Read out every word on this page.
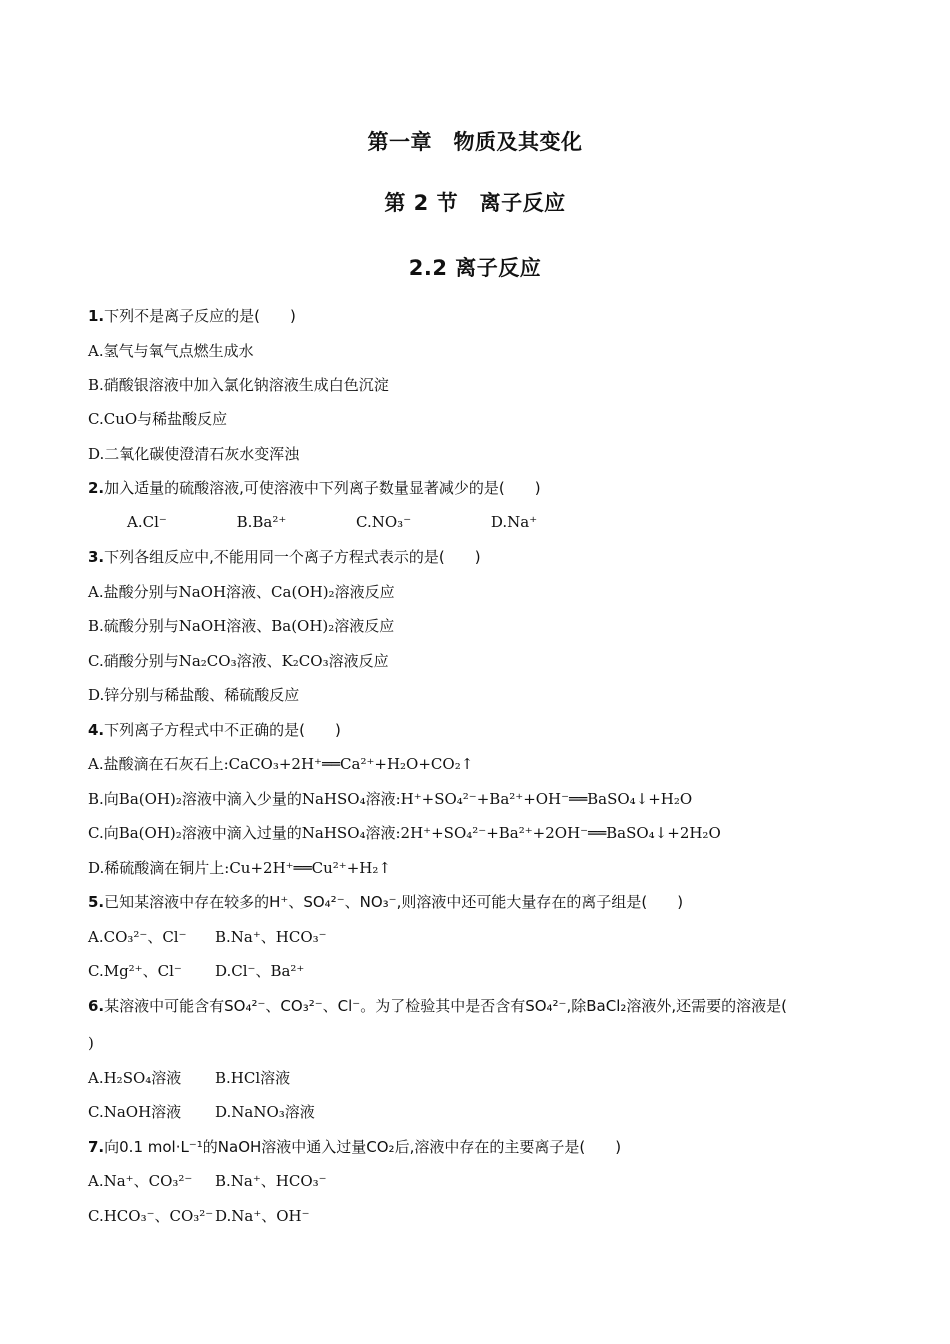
第一章　物质及其变化
第 2 节　离子反应
2.2 离子反应
1.下列不是离子反应的是(　　)
A.氢气与氧气点燃生成水
B.硝酸银溶液中加入氯化钠溶液生成白色沉淀
C.CuO与稀盐酸反应
D.二氧化碳使澄清石灰水变浑浊
2.加入适量的硫酸溶液,可使溶液中下列离子数量显著减少的是(　　)
A.Cl⁻	B.Ba²⁺	C.NO₃⁻	D.Na⁺
3.下列各组反应中,不能用同一个离子方程式表示的是(　　)
A.盐酸分别与NaOH溶液、Ca(OH)₂溶液反应
B.硫酸分别与NaOH溶液、Ba(OH)₂溶液反应
C.硝酸分别与Na₂CO₃溶液、K₂CO₃溶液反应
D.锌分别与稀盐酸、稀硫酸反应
4.下列离子方程式中不正确的是(　　)
A.盐酸滴在石灰石上:CaCO₃+2H⁺══Ca²⁺+H₂O+CO₂↑
B.向Ba(OH)₂溶液中滴入少量的NaHSO₄溶液:H⁺+SO₄²⁻+Ba²⁺+OH⁻══BaSO₄↓+H₂O
C.向Ba(OH)₂溶液中滴入过量的NaHSO₄溶液:2H⁺+SO₄²⁻+Ba²⁺+2OH⁻══BaSO₄↓+2H₂O
D.稀硫酸滴在铜片上:Cu+2H⁺══Cu²⁺+H₂↑
5.已知某溶液中存在较多的H⁺、SO₄²⁻、NO₃⁻,则溶液中还可能大量存在的离子组是(　　)
A.CO₃²⁻、Cl⁻ B.Na⁺、HCO₃⁻
C.Mg²⁺、Cl⁻ D.Cl⁻、Ba²⁺
6.某溶液中可能含有SO₄²⁻、CO₃²⁻、Cl⁻。为了检验其中是否含有SO₄²⁻,除BaCl₂溶液外,还需要的溶液是(
)
A.H₂SO₄溶液 B.HCl溶液
C.NaOH溶液 D.NaNO₃溶液
7.向0.1 mol·L⁻¹的NaOH溶液中通入过量CO₂后,溶液中存在的主要离子是(　　)
A.Na⁺、CO₃²⁻ B.Na⁺、HCO₃⁻
C.HCO₃⁻、CO₃²⁻ D.Na⁺、OH⁻
